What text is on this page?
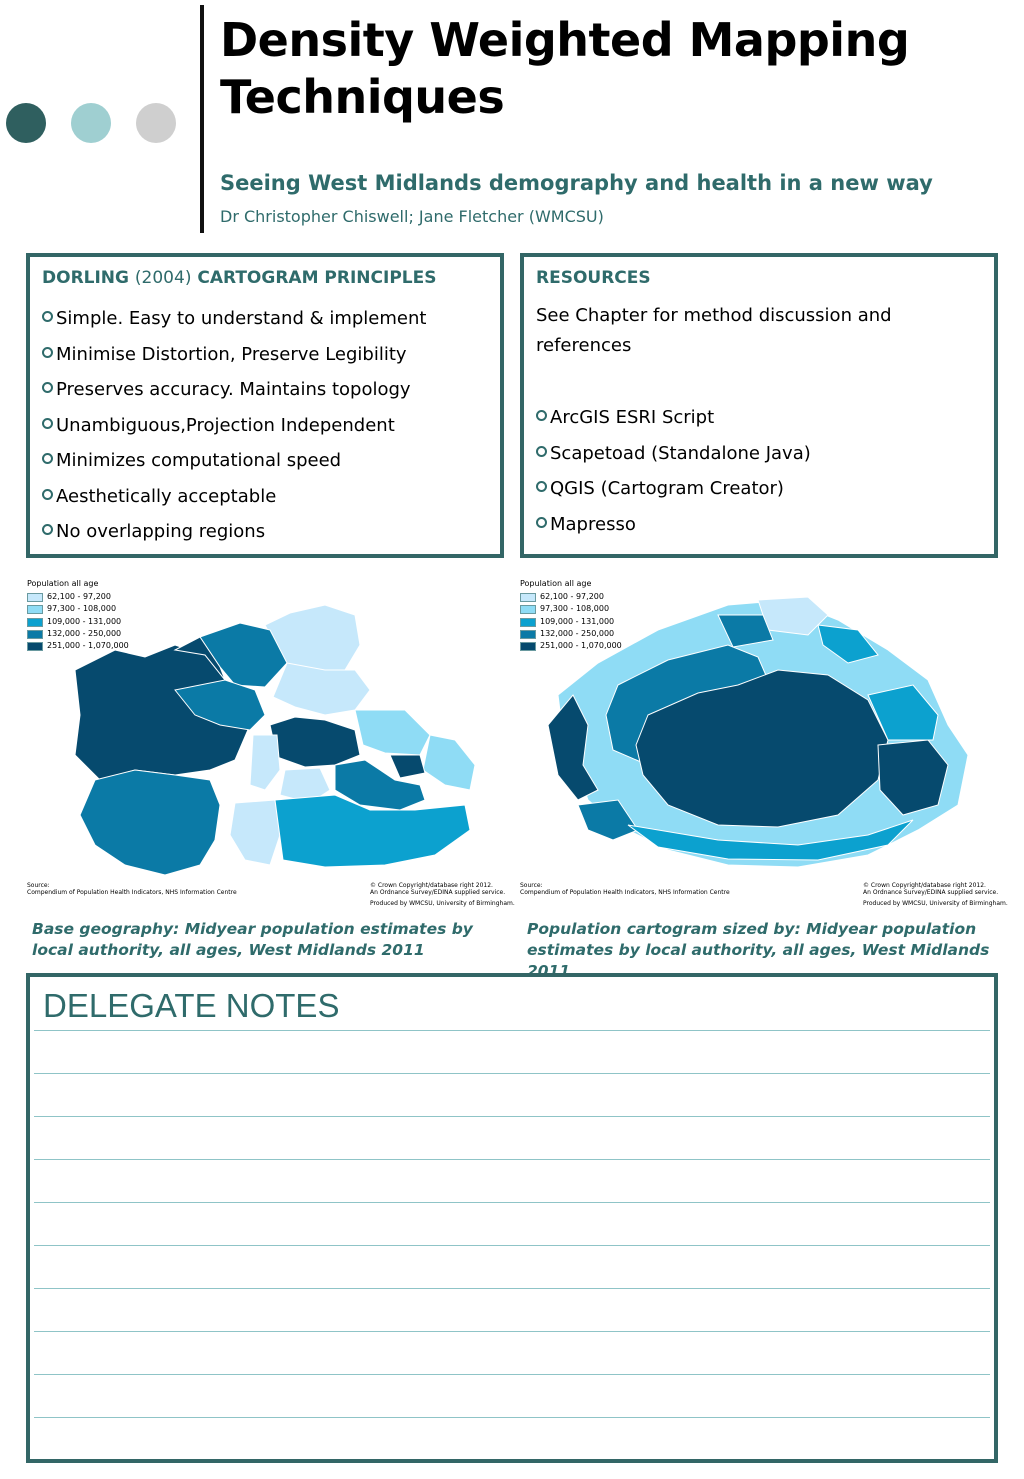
Density Weighted Mapping Techniques
Seeing West Midlands demography and health in a new way
Dr Christopher Chiswell; Jane Fletcher (WMCSU)
DORLING (2004) CARTOGRAM PRINCIPLES
Simple. Easy to understand & implement
Minimise Distortion, Preserve Legibility
Preserves accuracy. Maintains topology
Unambiguous,Projection Independent
Minimizes computational speed
Aesthetically acceptable
No overlapping regions
RESOURCES
See Chapter for method discussion and references
ArcGIS ESRI Script
Scapetoad (Standalone Java)
QGIS (Cartogram Creator)
Mapresso
Population all age
62,100 - 97,200
97,300 - 108,000
109,000 - 131,000
132,000 - 250,000
251,000 - 1,070,000
Source:
Compendium of Population Health Indicators, NHS Information Centre
© Crown Copyright/database right 2012.
An Ordnance Survey/EDINA supplied service.
Produced by WMCSU, University of Birmingham.
Population all age
62,100 - 97,200
97,300 - 108,000
109,000 - 131,000
132,000 - 250,000
251,000 - 1,070,000
Source:
Compendium of Population Health Indicators, NHS Information Centre
© Crown Copyright/database right 2012.
An Ordnance Survey/EDINA supplied service.
Produced by WMCSU, University of Birmingham.
Base geography: Midyear population estimates by local authority, all ages, West Midlands 2011
Population cartogram sized by: Midyear population estimates by local authority, all ages, West Midlands 2011
DELEGATE NOTES
